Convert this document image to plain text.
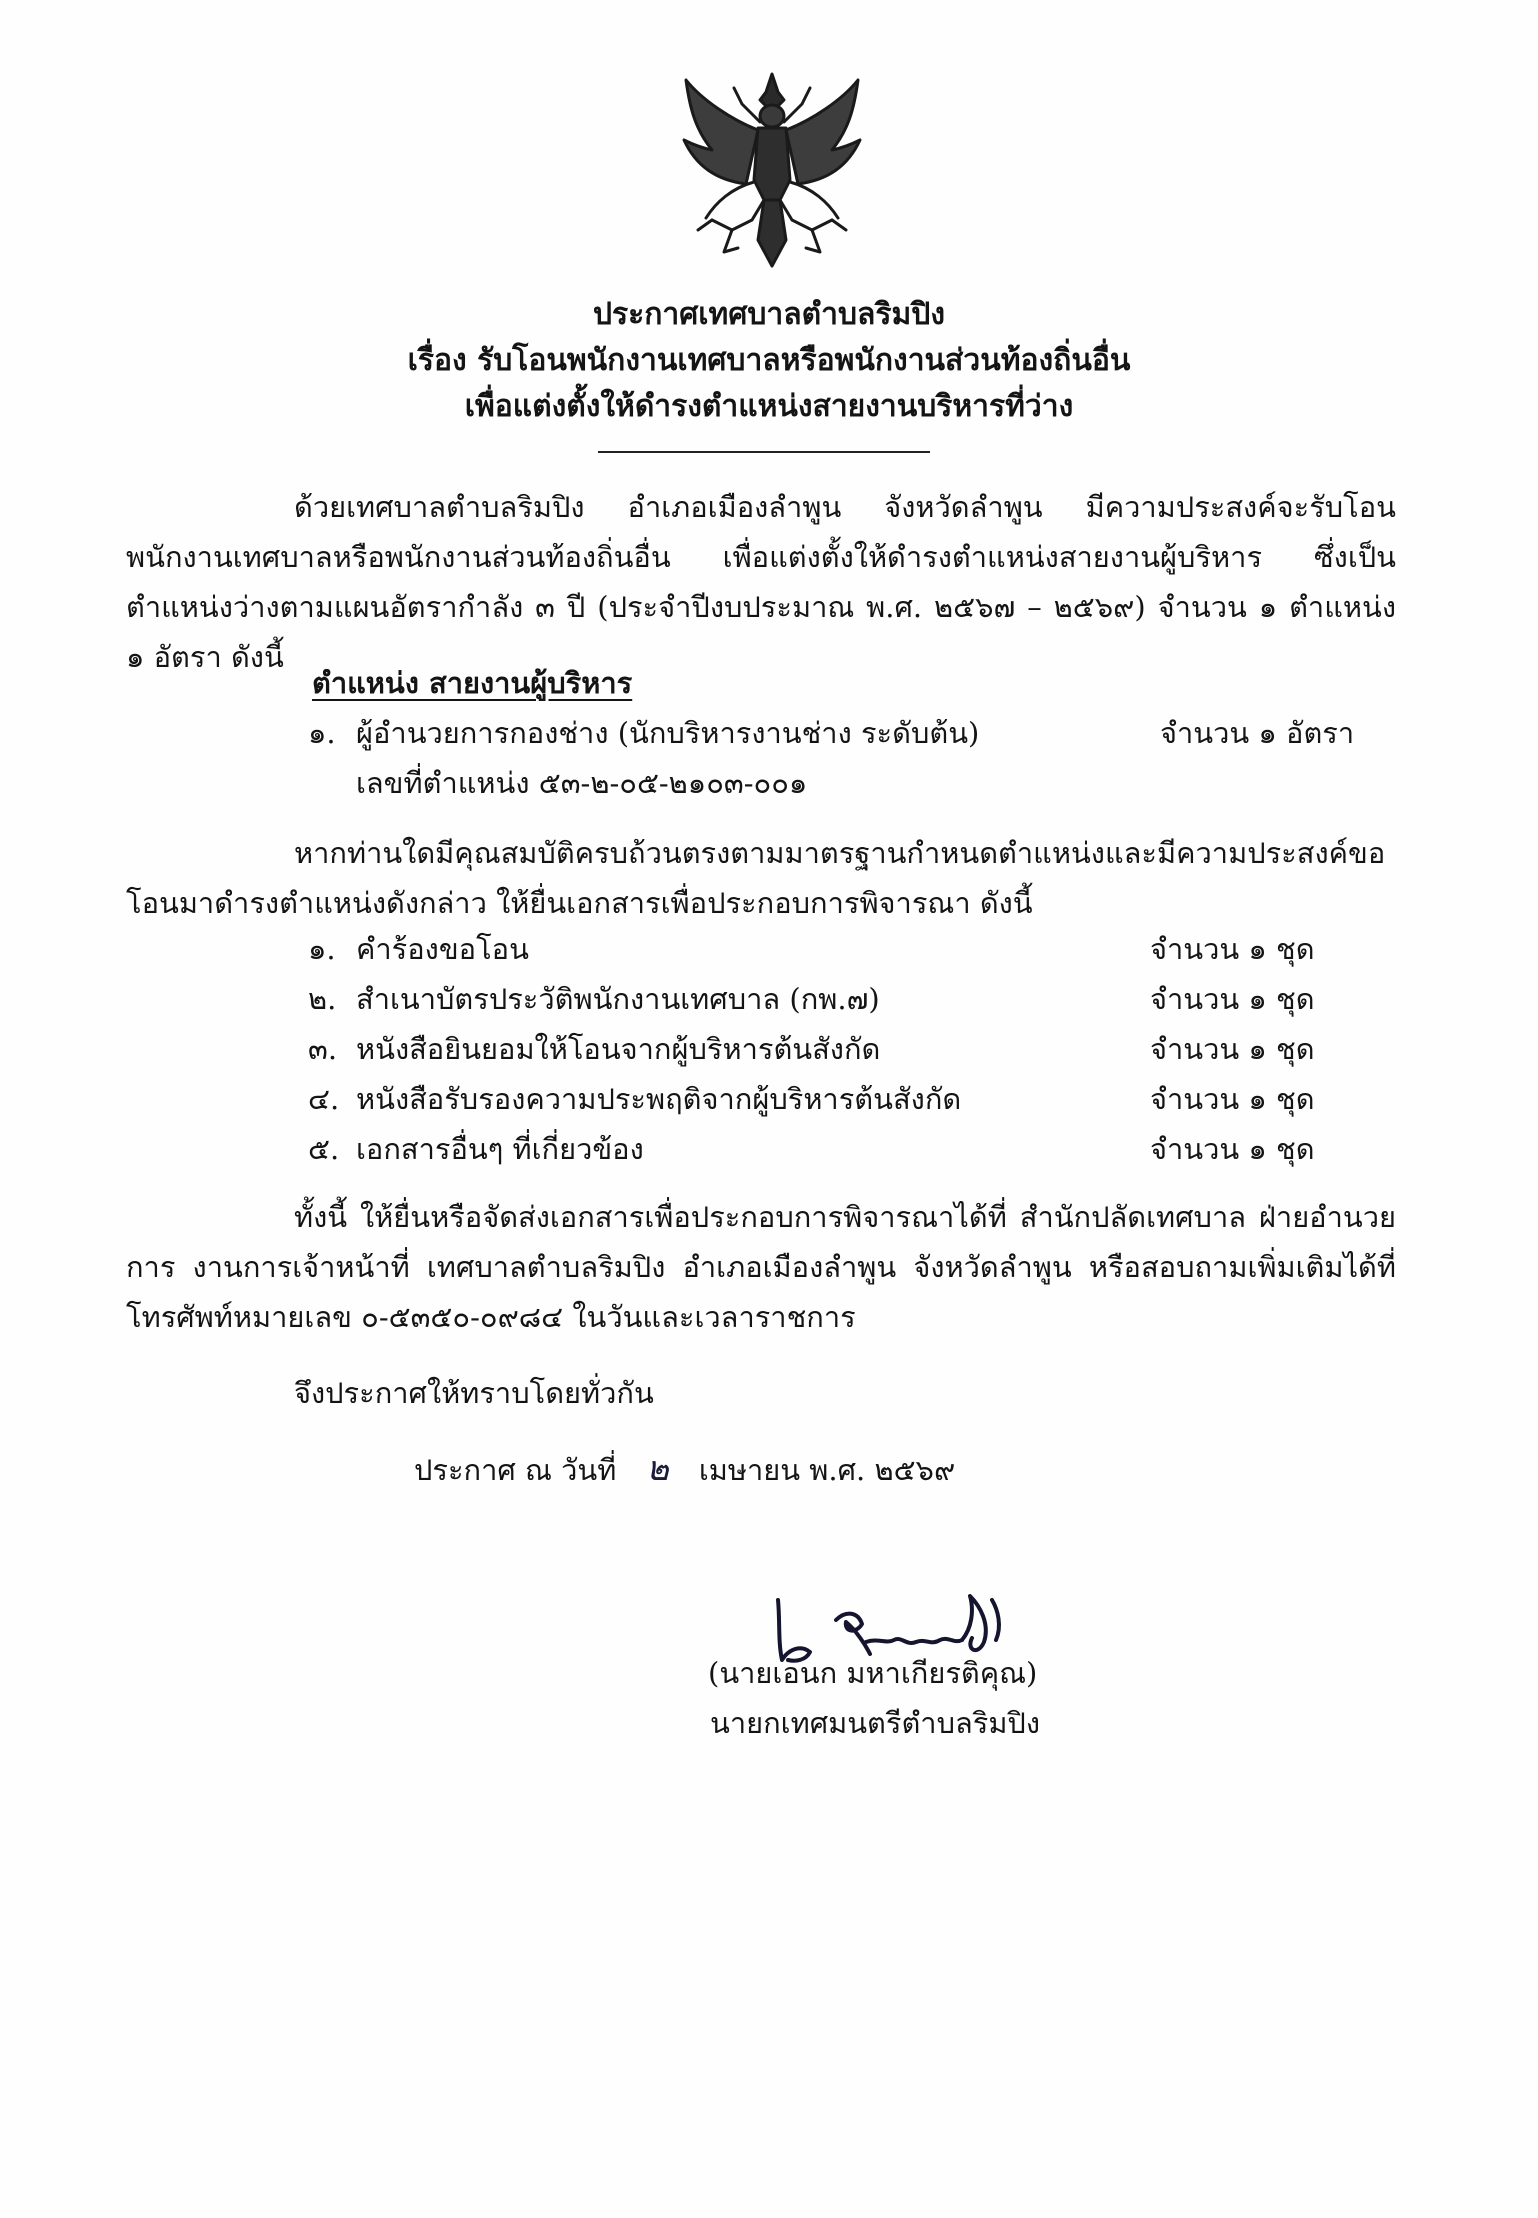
ประกาศเทศบาลตำบลริมปิง
เรื่อง รับโอนพนักงานเทศบาลหรือพนักงานส่วนท้องถิ่นอื่น
เพื่อแต่งตั้งให้ดำรงตำแหน่งสายงานบริหารที่ว่าง
ด้วยเทศบาลตำบลริมปิง อำเภอเมืองลำพูน จังหวัดลำพูน มีความประสงค์จะรับโอนพนักงานเทศบาลหรือพนักงานส่วนท้องถิ่นอื่น เพื่อแต่งตั้งให้ดำรงตำแหน่งสายงานผู้บริหาร ซึ่งเป็นตำแหน่งว่างตามแผนอัตรากำลัง ๓ ปี (ประจำปีงบประมาณ พ.ศ. ๒๕๖๗ – ๒๕๖๙) จำนวน ๑ ตำแหน่ง ๑ อัตรา ดังนี้
ตำแหน่ง สายงานผู้บริหาร
๑. ผู้อำนวยการกองช่าง (นักบริหารงานช่าง ระดับต้น)	จำนวน ๑ อัตรา
เลขที่ตำแหน่ง ๕๓-๒-๐๕-๒๑๐๓-๐๐๑
หากท่านใดมีคุณสมบัติครบถ้วนตรงตามมาตรฐานกำหนดตำแหน่งและมีความประสงค์ขอโอนมาดำรงตำแหน่งดังกล่าว ให้ยื่นเอกสารเพื่อประกอบการพิจารณา ดังนี้
๑. คำร้องขอโอน	จำนวน ๑ ชุด
๒. สำเนาบัตรประวัติพนักงานเทศบาล (กพ.๗)	จำนวน ๑ ชุด
๓. หนังสือยินยอมให้โอนจากผู้บริหารต้นสังกัด	จำนวน ๑ ชุด
๔. หนังสือรับรองความประพฤติจากผู้บริหารต้นสังกัด	จำนวน ๑ ชุด
๕. เอกสารอื่นๆ ที่เกี่ยวข้อง	จำนวน ๑ ชุด
ทั้งนี้ ให้ยื่นหรือจัดส่งเอกสารเพื่อประกอบการพิจารณาได้ที่ สำนักปลัดเทศบาล ฝ่ายอำนวยการ งานการเจ้าหน้าที่ เทศบาลตำบลริมปิง อำเภอเมืองลำพูน จังหวัดลำพูน หรือสอบถามเพิ่มเติมได้ที่ โทรศัพท์หมายเลข ๐-๕๓๕๐-๐๙๘๔ ในวันและเวลาราชการ
จึงประกาศให้ทราบโดยทั่วกัน
ประกาศ ณ วันที่ ๒ เมษายน พ.ศ. ๒๕๖๙
(นายเอนก มหาเกียรติคุณ)
นายกเทศมนตรีตำบลริมปิง
